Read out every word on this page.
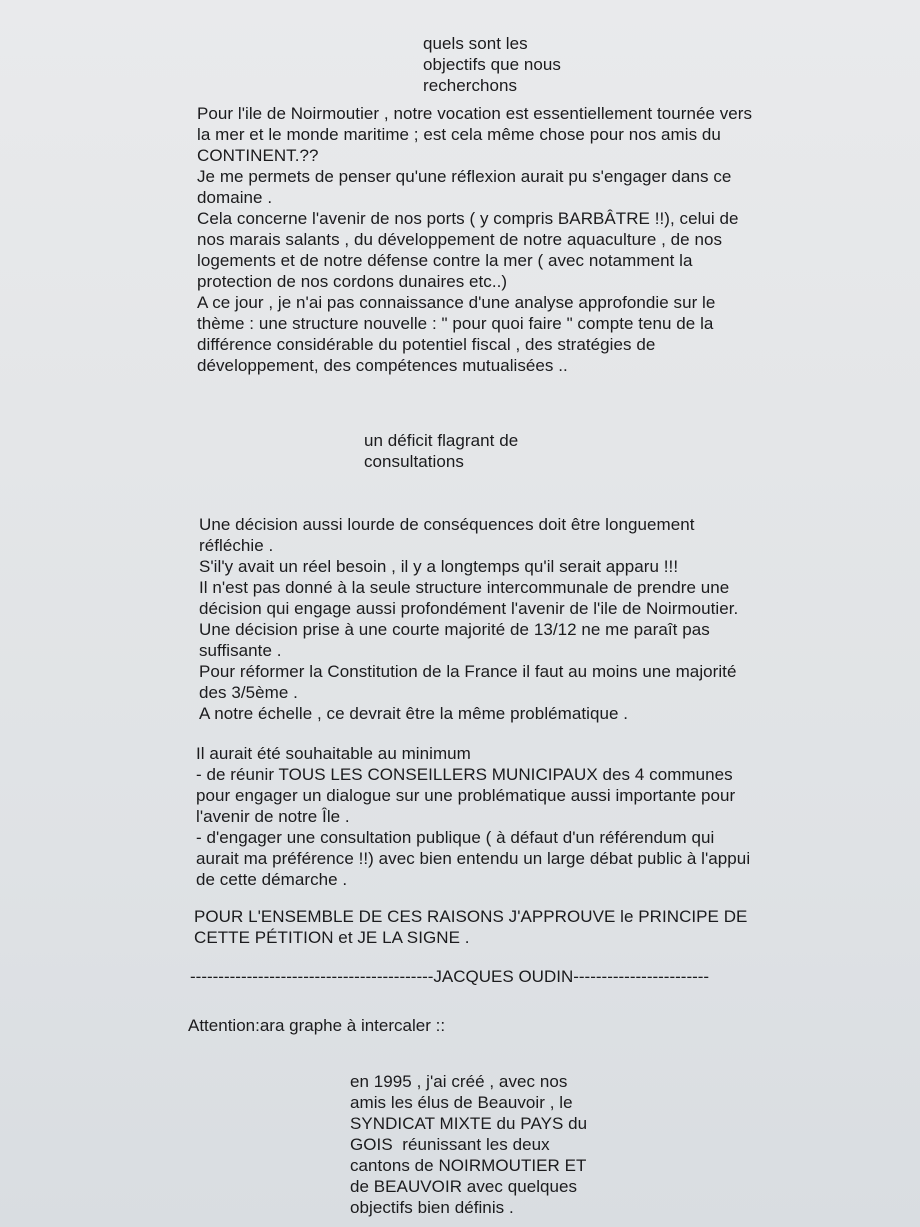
quels sont les
objectifs que nous
recherchons

Pour l'ile de Noirmoutier , notre vocation est essentiellement tournée vers
la mer et le monde maritime ; est cela même chose pour nos amis du
CONTINENT.??
Je me permets de penser qu'une réflexion aurait pu s'engager dans ce
domaine .
Cela concerne l'avenir de nos ports ( y compris BARBÂTRE !!), celui de
nos marais salants , du développement de notre aquaculture , de nos
logements et de notre défense contre la mer ( avec notamment la
protection de nos cordons dunaires etc..)
A ce jour , je n'ai pas connaissance d'une analyse approfondie sur le
thème : une structure nouvelle : " pour quoi faire " compte tenu de la
différence considérable du potentiel fiscal , des stratégies de
développement, des compétences mutualisées ..

un déficit flagrant de
consultations

Une décision aussi lourde de conséquences doit être longuement
réfléchie .
S'il'y avait un réel besoin , il y a longtemps qu'il serait apparu !!!
Il n'est pas donné à la seule structure intercommunale de prendre une
décision qui engage aussi profondément l'avenir de l'ile de Noirmoutier.
Une décision prise à une courte majorité de 13/12 ne me paraît pas
suffisante .
Pour réformer la Constitution de la France il faut au moins une majorité
des 3/5ème .
A notre échelle , ce devrait être la même problématique .

Il aurait été souhaitable au minimum
- de réunir TOUS LES CONSEILLERS MUNICIPAUX des 4 communes
pour engager un dialogue sur une problématique aussi importante pour
l'avenir de notre Île .
- d'engager une consultation publique ( à défaut d'un référendum qui
aurait ma préférence !!) avec bien entendu un large débat public à l'appui
de cette démarche .

POUR L'ENSEMBLE DE CES RAISONS J'APPROUVE le PRINCIPE DE
CETTE PÉTITION et JE LA SIGNE .

-------------------------------------------JACQUES OUDIN------------------------

Attention:ara graphe à intercaler ::

en 1995 , j'ai créé , avec nos
amis les élus de Beauvoir , le
SYNDICAT MIXTE du PAYS du
GOIS  réunissant les deux
cantons de NOIRMOUTIER ET
de BEAUVOIR avec quelques
objectifs bien définis .
